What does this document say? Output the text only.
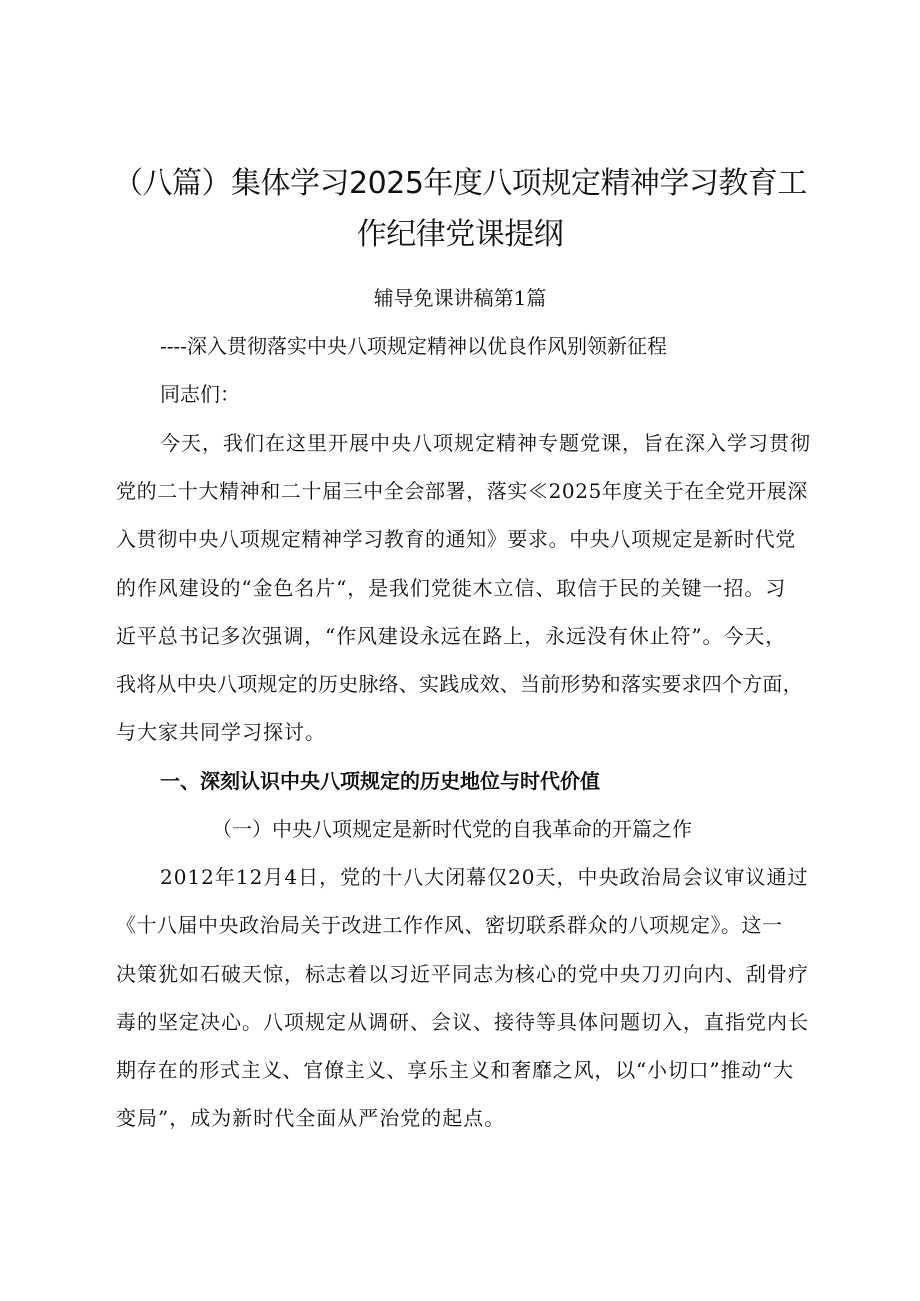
（八篇）集体学习2025年度八项规定精神学习教育工
作纪律党课提纲
辅导免课讲稿第1篇
----深入贯彻落实中央八项规定精神以优良作风别领新征程
同志们：
今天，我们在这里开展中央八项规定精神专题党课，旨在深入学习贯彻
党的二十大精神和二十届三中全会部署，落实≪2025年度关于在全党开展深
入贯彻中央八项规定精神学习教育的通知》要求。中央八项规定是新时代党
的作风建设的“金色名片“，是我们党徙木立信、取信于民的关键一招。习
近平总书记多次强调，“作风建设永远在路上，永远没有休止符”。今天，
我将从中央八项规定的历史脉络、实践成效、当前形势和落实要求四个方面，
与大家共同学习探讨。
一、深刻认识中央八项规定的历史地位与时代价值
（一）中央八项规定是新时代党的自我革命的开篇之作
2012年12月4日，党的十八大闭幕仅20天，中央政治局会议审议通过
《十八届中央政治局关于改进工作作风、密切联系群众的八项规定》。这一
决策犹如石破天惊，标志着以习近平同志为核心的党中央刀刃向内、刮骨疗
毒的坚定决心。八项规定从调研、会议、接待等具体问题切入，直指党内长
期存在的形式主义、官僚主义、享乐主义和奢靡之风，以“小切口”推动“大
变局”，成为新时代全面从严治党的起点。
